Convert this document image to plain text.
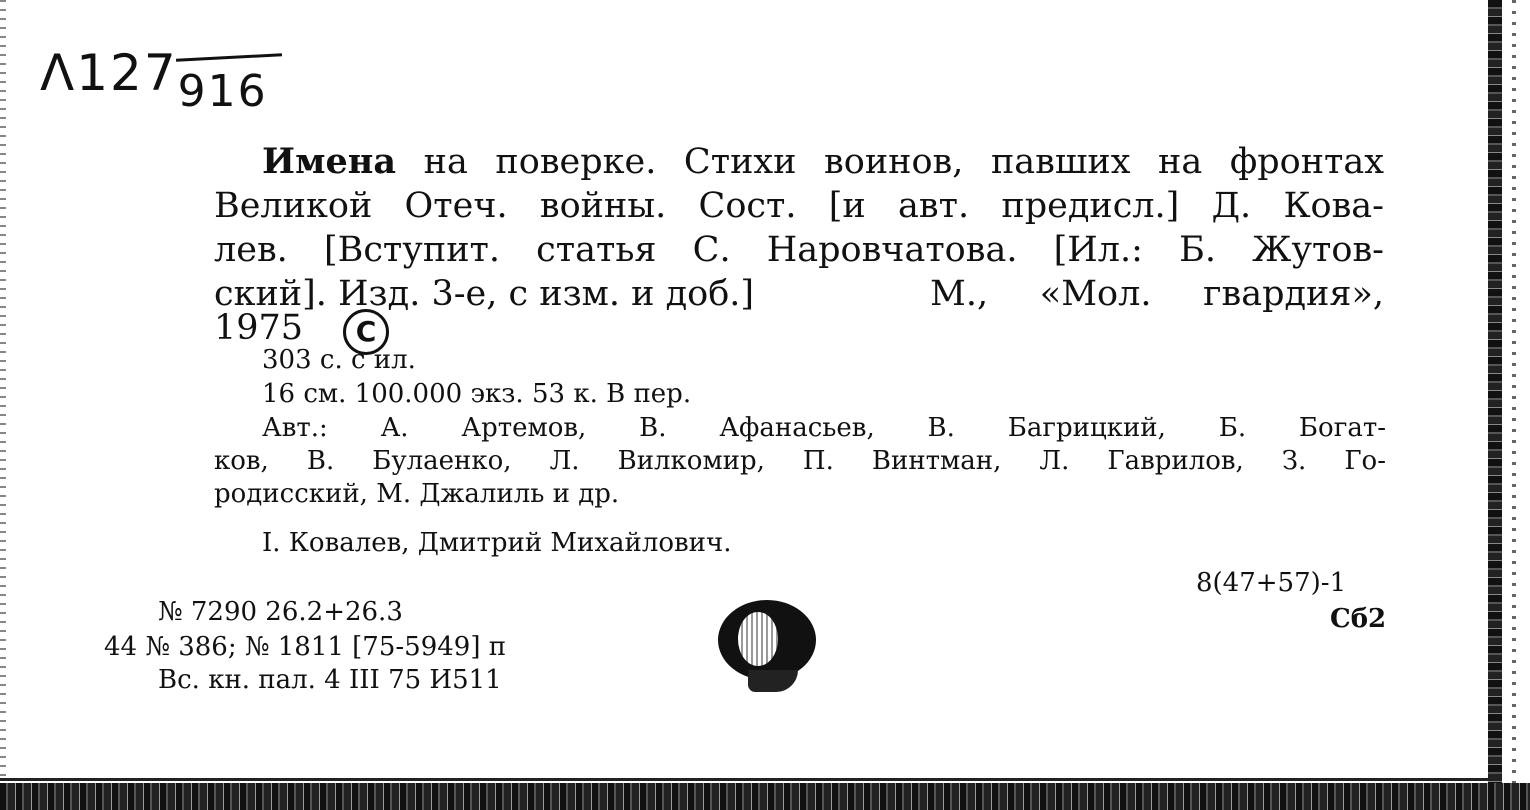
Λ127916
Имена на поверке. Стихи воинов, павших на фронтах
Великой Отеч. войны. Сост. [и авт. предисл.] Д. Кова-
лев. [Вступит. статья С. Наровчатова. [Ил.: Б. Жутов-
ский]. Изд. 3-е, с изм. и доб.]	М., «Мол. гвардия»,
1975	C
303 с. с ил.
16 см. 100.000 экз. 53 к. В пер.
Авт.: А. Артемов, В. Афанасьев, В. Багрицкий, Б. Богат-
ков, В. Булаенко, Л. Вилкомир, П. Винтман, Л. Гаврилов, З. Го-
родисский, М. Джалиль и др.
I. Ковалев, Дмитрий Михайлович.
8(47+57)-1
Сб2
№ 7290 26.2+26.3
44 № 386; № 1811 [75-5949] п
Вс. кн. пал. 4 III 75 И511
